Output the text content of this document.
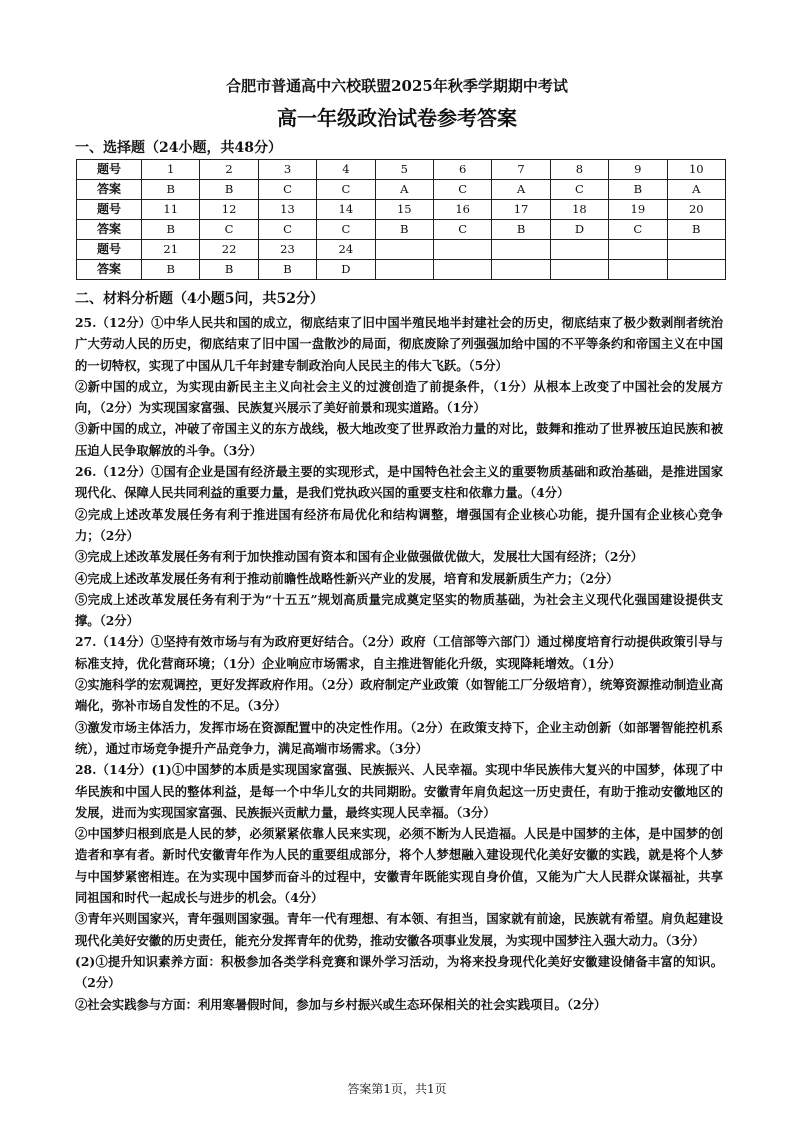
合肥市普通高中六校联盟2025年秋季学期期中考试
高一年级政治试卷参考答案
一、选择题（24小题，共48分）
题号	1	2	3	4	5	6	7	8	9	10
答案	B	B	C	C	A	C	A	C	B	A
题号	11	12	13	14	15	16	17	18	19	20
答案	B	C	C	C	B	C	B	D	C	B
题号	21	22	23	24						
答案	B	B	B	D						
二、材料分析题（4小题5问，共52分）

25.（12分）①中华人民共和国的成立，彻底结束了旧中国半殖民地半封建社会的历史，彻底结束了极少数剥削者统治广大劳动人民的历史，彻底结束了旧中国一盘散沙的局面，彻底废除了列强强加给中国的不平等条约和帝国主义在中国的一切特权，实现了中国从几千年封建专制政治向人民民主的伟大飞跃。（5分）

②新中国的成立，为实现由新民主主义向社会主义的过渡创造了前提条件，（1分）从根本上改变了中国社会的发展方向，（2分）为实现国家富强、民族复兴展示了美好前景和现实道路。（1分）

③新中国的成立，冲破了帝国主义的东方战线，极大地改变了世界政治力量的对比，鼓舞和推动了世界被压迫民族和被压迫人民争取解放的斗争。（3分）

26.（12分）①国有企业是国有经济最主要的实现形式，是中国特色社会主义的重要物质基础和政治基础，是推进国家现代化、保障人民共同利益的重要力量，是我们党执政兴国的重要支柱和依靠力量。（4分）

②完成上述改革发展任务有利于推进国有经济布局优化和结构调整，增强国有企业核心功能，提升国有企业核心竞争力；（2分）

③完成上述改革发展任务有利于加快推动国有资本和国有企业做强做优做大，发展壮大国有经济；（2分）

④完成上述改革发展任务有利于推动前瞻性战略性新兴产业的发展，培育和发展新质生产力；（2分）

⑤完成上述改革发展任务有利于为“十五五”规划高质量完成奠定坚实的物质基础，为社会主义现代化强国建设提供支撑。（2分）

27.（14分）①坚持有效市场与有为政府更好结合。（2分）政府（工信部等六部门）通过梯度培育行动提供政策引导与标准支持，优化营商环境；（1分）企业响应市场需求，自主推进智能化升级，实现降耗增效。（1分）

②实施科学的宏观调控，更好发挥政府作用。（2分）政府制定产业政策（如智能工厂分级培育），统筹资源推动制造业高端化，弥补市场自发性的不足。（3分）

③激发市场主体活力，发挥市场在资源配置中的决定性作用。（2分）在政策支持下，企业主动创新（如部署智能控机系统），通过市场竞争提升产品竞争力，满足高端市场需求。（3分）

28.（14分）(1)①中国梦的本质是实现国家富强、民族振兴、人民幸福。实现中华民族伟大复兴的中国梦，体现了中华民族和中国人民的整体利益，是每一个中华儿女的共同期盼。安徽青年肩负起这一历史责任，有助于推动安徽地区的发展，进而为实现国家富强、民族振兴贡献力量，最终实现人民幸福。（3分）

②中国梦归根到底是人民的梦，必须紧紧依靠人民来实现，必须不断为人民造福。人民是中国梦的主体，是中国梦的创造者和享有者。新时代安徽青年作为人民的重要组成部分，将个人梦想融入建设现代化美好安徽的实践，就是将个人梦与中国梦紧密相连。在为实现中国梦而奋斗的过程中，安徽青年既能实现自身价值，又能为广大人民群众谋福祉，共享同祖国和时代一起成长与进步的机会。（4分）

③青年兴则国家兴，青年强则国家强。青年一代有理想、有本领、有担当，国家就有前途，民族就有希望。肩负起建设现代化美好安徽的历史责任，能充分发挥青年的优势，推动安徽各项事业发展，为实现中国梦注入强大动力。（3分）

(2)①提升知识素养方面：积极参加各类学科竞赛和课外学习活动，为将来投身现代化美好安徽建设储备丰富的知识。（2分）

②社会实践参与方面：利用寒暑假时间，参加与乡村振兴或生态环保相关的社会实践项目。（2分）

答案第1页，共1页
